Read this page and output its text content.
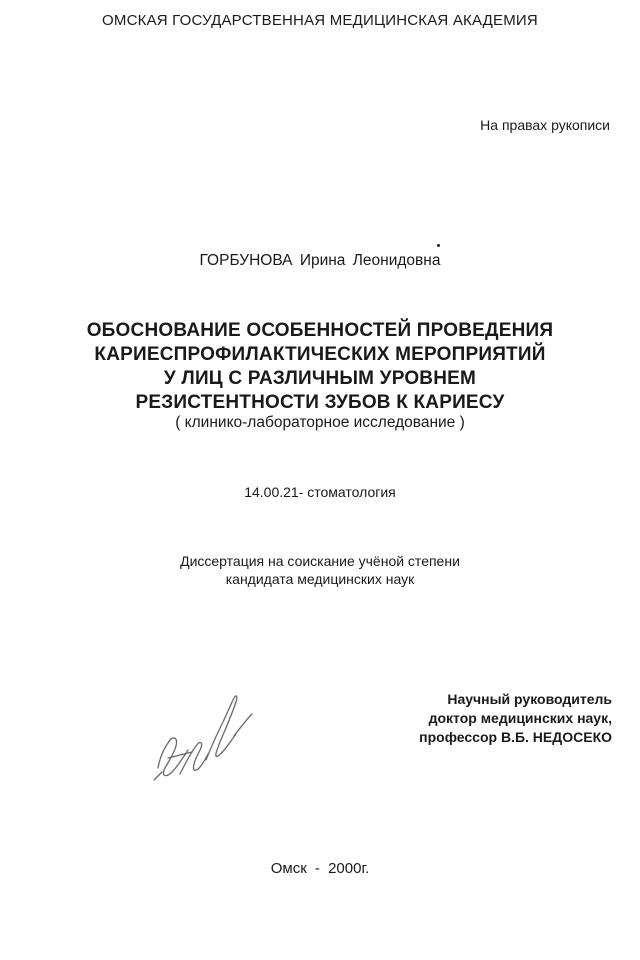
ОМСКАЯ ГОСУДАРСТВЕННАЯ МЕДИЦИНСКАЯ АКАДЕМИЯ
На правах рукописи
ГОРБУНОВА Ирина Леонидовна
ОБОСНОВАНИЕ ОСОБЕННОСТЕЙ ПРОВЕДЕНИЯ
КАРИЕСПРОФИЛАКТИЧЕСКИХ МЕРОПРИЯТИЙ
У ЛИЦ С РАЗЛИЧНЫМ УРОВНЕМ
РЕЗИСТЕНТНОСТИ ЗУБОВ К КАРИЕСУ
( клинико-лабораторное исследование )
14.00.21- стоматология
Диссертация на соискание учёной степени
кандидата медицинских наук
Научный руководитель
доктор медицинских наук,
профессор В.Б. НЕДОСЕКО
Омск - 2000г.
